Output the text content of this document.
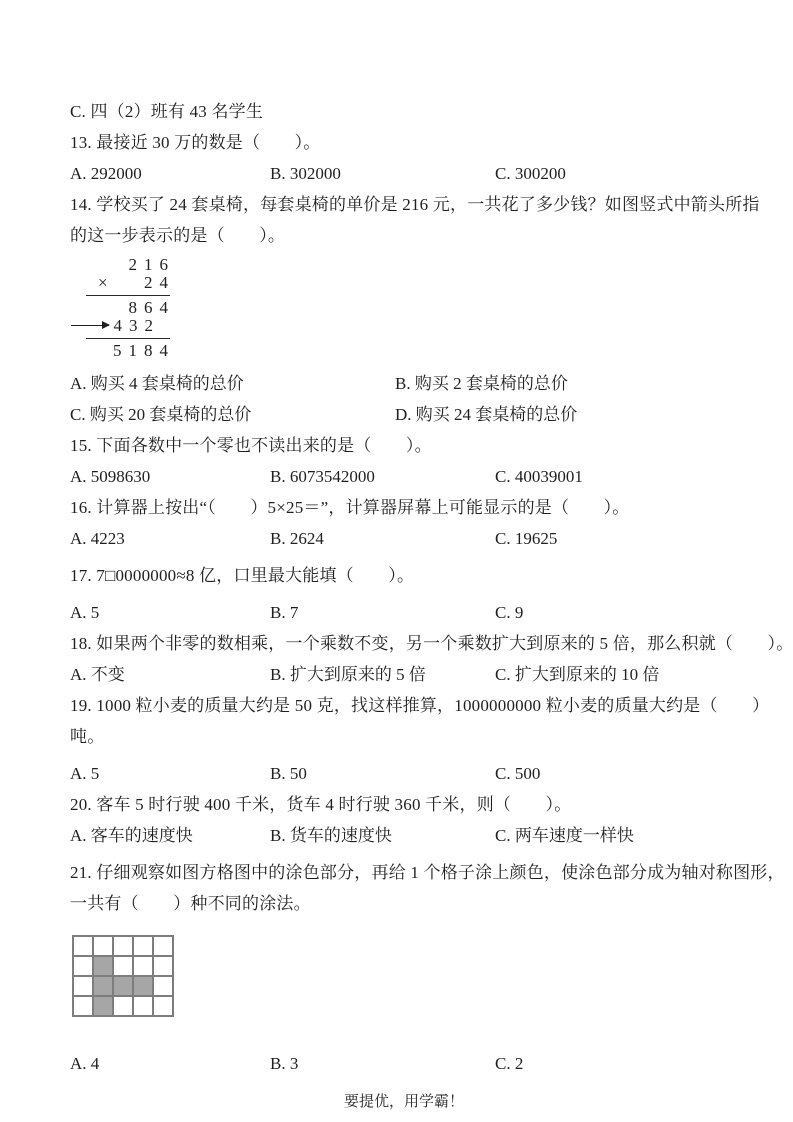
C. 四（2）班有 43 名学生
13. 最接近 30 万的数是（　　）。
A. 292000	B. 302000	C. 300200
14. 学校买了 24 套桌椅，每套桌椅的单价是 216 元，一共花了多少钱？如图竖式中箭头所指
的这一步表示的是（　　）。
216
× 24
864
432
5184
A. 购买 4 套桌椅的总价	B. 购买 2 套桌椅的总价
C. 购买 20 套桌椅的总价	D. 购买 24 套桌椅的总价
15. 下面各数中一个零也不读出来的是（　　）。
A. 5098630	B. 6073542000	C. 40039001
16. 计算器上按出“（　　）5×25＝”，计算器屏幕上可能显示的是（　　）。
A. 4223	B. 2624	C. 19625
17. 7□0000000≈8 亿，口里最大能填（　　）。
A. 5	B. 7	C. 9
18. 如果两个非零的数相乘，一个乘数不变，另一个乘数扩大到原来的 5 倍，那么积就（　　）。
A. 不变	B. 扩大到原来的 5 倍	C. 扩大到原来的 10 倍
19. 1000 粒小麦的质量大约是 50 克，找这样推算，1000000000 粒小麦的质量大约是（　　）
吨。
A. 5	B. 50	C. 500
20. 客车 5 时行驶 400 千米，货车 4 时行驶 360 千米，则（　　）。
A. 客车的速度快	B. 货车的速度快	C. 两车速度一样快
21. 仔细观察如图方格图中的涂色部分，再给 1 个格子涂上颜色，使涂色部分成为轴对称图形，
一共有（　　）种不同的涂法。
A. 4	B. 3	C. 2
要提优，用学霸！
